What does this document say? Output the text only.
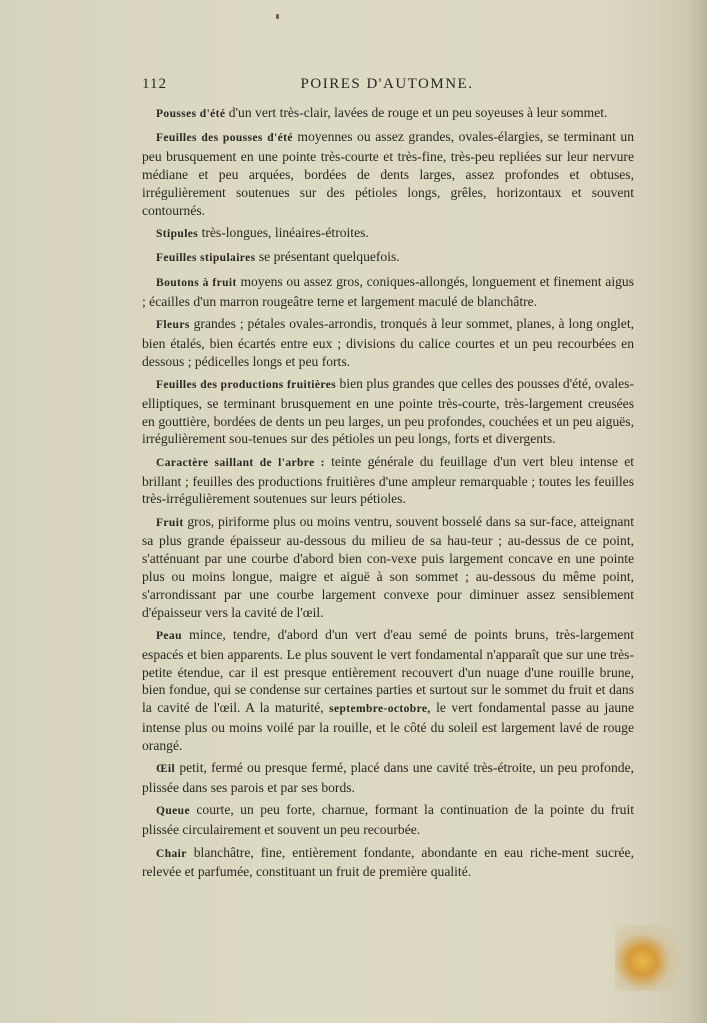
112	POIRES D'AUTOMNE.

Pousses d'été d'un vert très-clair, lavées de rouge et un peu soyeuses à leur sommet.

Feuilles des pousses d'été moyennes ou assez grandes, ovales-élargies, se terminant un peu brusquement en une pointe très-courte et très-fine, très-peu repliées sur leur nervure médiane et peu arquées, bordées de dents larges, assez profondes et obtuses, irrégulièrement soutenues sur des pétioles longs, grêles, horizontaux et souvent contournés.

Stipules très-longues, linéaires-étroites.

Feuilles stipulaires se présentant quelquefois.

Boutons à fruit moyens ou assez gros, coniques-allongés, longuement et finement aigus ; écailles d'un marron rougeâtre terne et largement maculé de blanchâtre.

Fleurs grandes ; pétales ovales-arrondis, tronqués à leur sommet, planes, à long onglet, bien étalés, bien écartés entre eux ; divisions du calice courtes et un peu recourbées en dessous ; pédicelles longs et peu forts.

Feuilles des productions fruitières bien plus grandes que celles des pousses d'été, ovales-elliptiques, se terminant brusquement en une pointe très-courte, très-largement creusées en gouttière, bordées de dents un peu larges, un peu profondes, couchées et un peu aiguës, irrégulièrement sou-tenues sur des pétioles un peu longs, forts et divergents.

Caractère saillant de l'arbre : teinte générale du feuillage d'un vert bleu intense et brillant ; feuilles des productions fruitières d'une ampleur remarquable ; toutes les feuilles très-irrégulièrement soutenues sur leurs pétioles.

Fruit gros, piriforme plus ou moins ventru, souvent bosselé dans sa sur-face, atteignant sa plus grande épaisseur au-dessous du milieu de sa hau-teur ; au-dessus de ce point, s'atténuant par une courbe d'abord bien con-vexe puis largement concave en une pointe plus ou moins longue, maigre et aiguë à son sommet ; au-dessous du même point, s'arrondissant par une courbe largement convexe pour diminuer assez sensiblement d'épaisseur vers la cavité de l'œil.

Peau mince, tendre, d'abord d'un vert d'eau semé de points bruns, très-largement espacés et bien apparents. Le plus souvent le vert fondamental n'apparaît que sur une très-petite étendue, car il est presque entièrement recouvert d'un nuage d'une rouille brune, bien fondue, qui se condense sur certaines parties et surtout sur le sommet du fruit et dans la cavité de l'œil. A la maturité, septembre-octobre, le vert fondamental passe au jaune intense plus ou moins voilé par la rouille, et le côté du soleil est largement lavé de rouge orangé.

Œil petit, fermé ou presque fermé, placé dans une cavité très-étroite, un peu profonde, plissée dans ses parois et par ses bords.

Queue courte, un peu forte, charnue, formant la continuation de la pointe du fruit plissée circulairement et souvent un peu recourbée.

Chair blanchâtre, fine, entièrement fondante, abondante en eau riche-ment sucrée, relevée et parfumée, constituant un fruit de première qualité.
